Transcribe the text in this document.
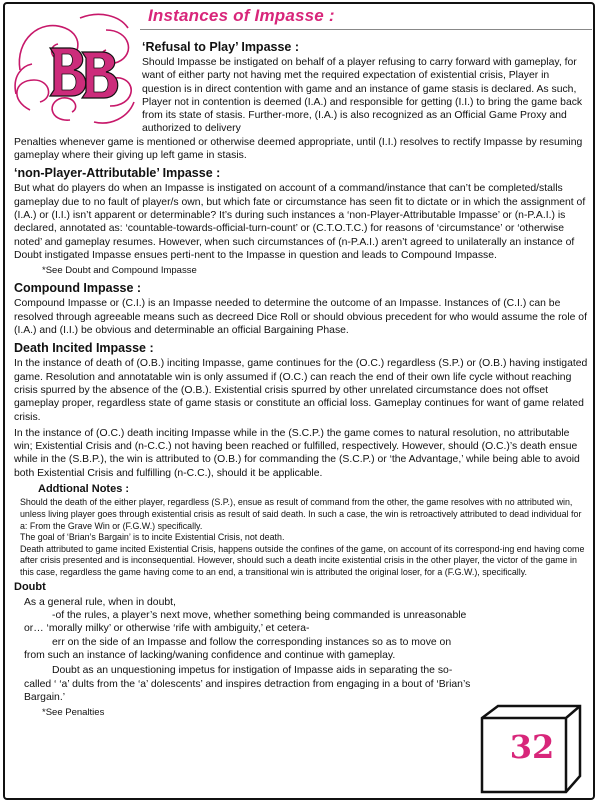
Instances of Impasse :
‘Refusal to Play’ Impasse :

Should Impasse be instigated on behalf of a player refusing to carry forward with gameplay, for want of either party not having met the required expectation of existential crisis, Player in question is in direct contention with game and an instance of game stasis is declared. As such, Player not in contention is deemed (I.A.) and responsible for getting (I.I.) to bring the game back from its state of stasis. Further-more, (I.A.) is also recognized as an Official Game Proxy and authorized to delivery

Penalties whenever game is mentioned or otherwise deemed appropriate, until (I.I.) resolves to rectify Impasse by resuming gameplay where their giving up left game in stasis.

‘non-Player-Attributable’ Impasse :

But what do players do when an Impasse is instigated on account of a command/instance that can’t be completed/stalls gameplay due to no fault of player/s own, but which fate or circumstance has seen fit to dictate or in which the assignment of (I.A.) or (I.I.) isn’t apparent or determinable? It’s during such instances a ‘non-Player-Attributable Impasse’ or (n-P.A.I.) is declared, annotated as: ‘countable-towards-official-turn-count’ or (C.T.O.T.C.) for reasons of ‘circumstance’ or ‘otherwise noted’ and gameplay resumes. However, when such circumstances of (n-P.A.I.) aren’t agreed to unilaterally an instance of Doubt instigated Impasse ensues perti-nent to the Impasse in question and leads to Compound Impasse.

*See Doubt and Compound Impasse
Compound Impasse :

Compound Impasse or (C.I.) is an Impasse needed to determine the outcome of an Impasse. Instances of (C.I.) can be resolved through agreeable means such as decreed Dice Roll or should obvious precedent for who would assume the role of (I.A.) and (I.I.) be obvious and determinable an official Bargaining Phase.

Death Incited Impasse :

In the instance of death of (O.B.) inciting Impasse, game continues for the (O.C.) regardless (S.P.) or (O.B.) having instigated game. Resolution and annotatable win is only assumed if (O.C.) can reach the end of their own life cycle without reaching crisis spurred by the absence of the (O.B.). Existential crisis spurred by other unrelated circumstance does not offset gameplay proper, regardless state of game stasis or constitute an official loss. Gameplay continues for want of game related crisis.

In the instance of (O.C.) death inciting Impasse while in the (S.C.P.) the game comes to natural resolution, no attributable win; Existential Crisis and (n-C.C.) not having been reached or fulfilled, respectively. However, should (O.C.)’s death ensue while in the (S.B.P.), the win is attributed to (O.B.) for commanding the (S.C.P.) or ‘the Advantage,’ while being able to avoid both Existential Crisis and fulfilling (n-C.C.), should it be applicable.

Addtional Notes :

Should the death of the either player, regardless (S.P.), ensue as result of command from the other, the game resolves with no attributed win, unless living player goes through existential crisis as result of said death. In such a case, the win is retroactively attributed to dead individual for a: From the Grave Win or (F.G.W.) specifically.

The goal of ‘Brian’s Bargain’ is to incite Existential Crisis, not death.

Death attributed to game incited Existential Crisis, happens outside the confines of the game, on account of its correspond-ing end having come after crisis presented and is inconsequential. However, should such a death incite existential crisis in the other player, the victor of the game in this case, regardless the game having come to an end, a transitional win is attributed the original loser, for a (F.G.W.), specifically.

Doubt

As a general rule, when in doubt,

-of the rules, a player’s next move, whether something being commanded is unreasonable or… ‘morally milky’ or otherwise ‘rife with ambiguity,’ et cetera-

err on the side of an Impasse and follow the corresponding instances so as to move on from such an instance of lacking/waning confidence and continue with gameplay.

Doubt as an unquestioning impetus for instigation of Impasse aids in separating the so-called ‘ ‘a’ dults from the ‘a’ dolescents’ and inspires detraction from engaging in a bout of ‘Brian’s Bargain.’

*See Penalties
32
